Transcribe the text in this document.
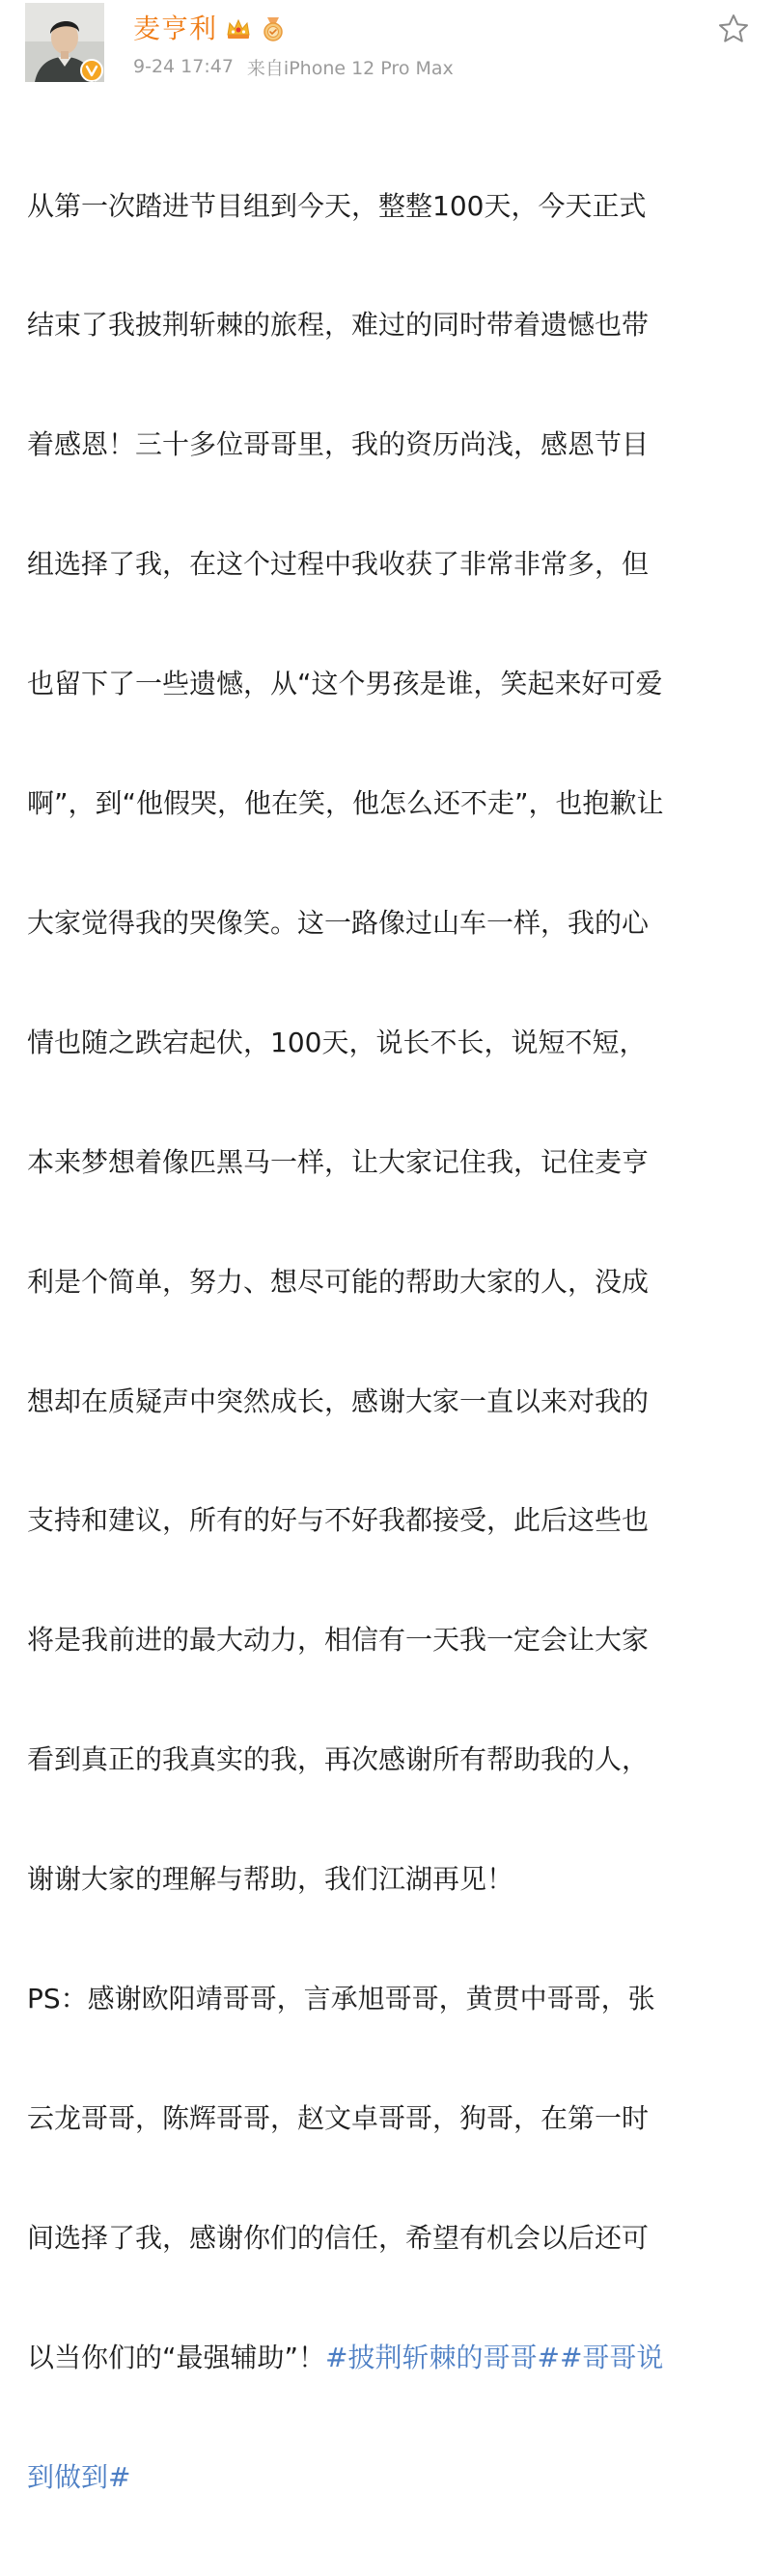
麦亨利
9-24 17:47 来自iPhone 12 Pro Max

从第一次踏进节目组到今天，整整100天，今天正式

结束了我披荆斩棘的旅程，难过的同时带着遗憾也带

着感恩！三十多位哥哥里，我的资历尚浅，感恩节目

组选择了我，在这个过程中我收获了非常非常多，但

也留下了一些遗憾，从“这个男孩是谁，笑起来好可爱

啊”，到“他假哭，他在笑，他怎么还不走”，也抱歉让

大家觉得我的哭像笑。这一路像过山车一样，我的心

情也随之跌宕起伏，100天，说长不长，说短不短，

本来梦想着像匹黑马一样，让大家记住我，记住麦亨

利是个简单，努力、想尽可能的帮助大家的人，没成

想却在质疑声中突然成长，感谢大家一直以来对我的

支持和建议，所有的好与不好我都接受，此后这些也

将是我前进的最大动力，相信有一天我一定会让大家

看到真正的我真实的我，再次感谢所有帮助我的人，

谢谢大家的理解与帮助，我们江湖再见！

PS：感谢欧阳靖哥哥，言承旭哥哥，黄贯中哥哥，张

云龙哥哥，陈辉哥哥，赵文卓哥哥，狗哥，在第一时

间选择了我，感谢你们的信任，希望有机会以后还可

以当你们的“最强辅助”！#披荆斩棘的哥哥##哥哥说

到做到#
